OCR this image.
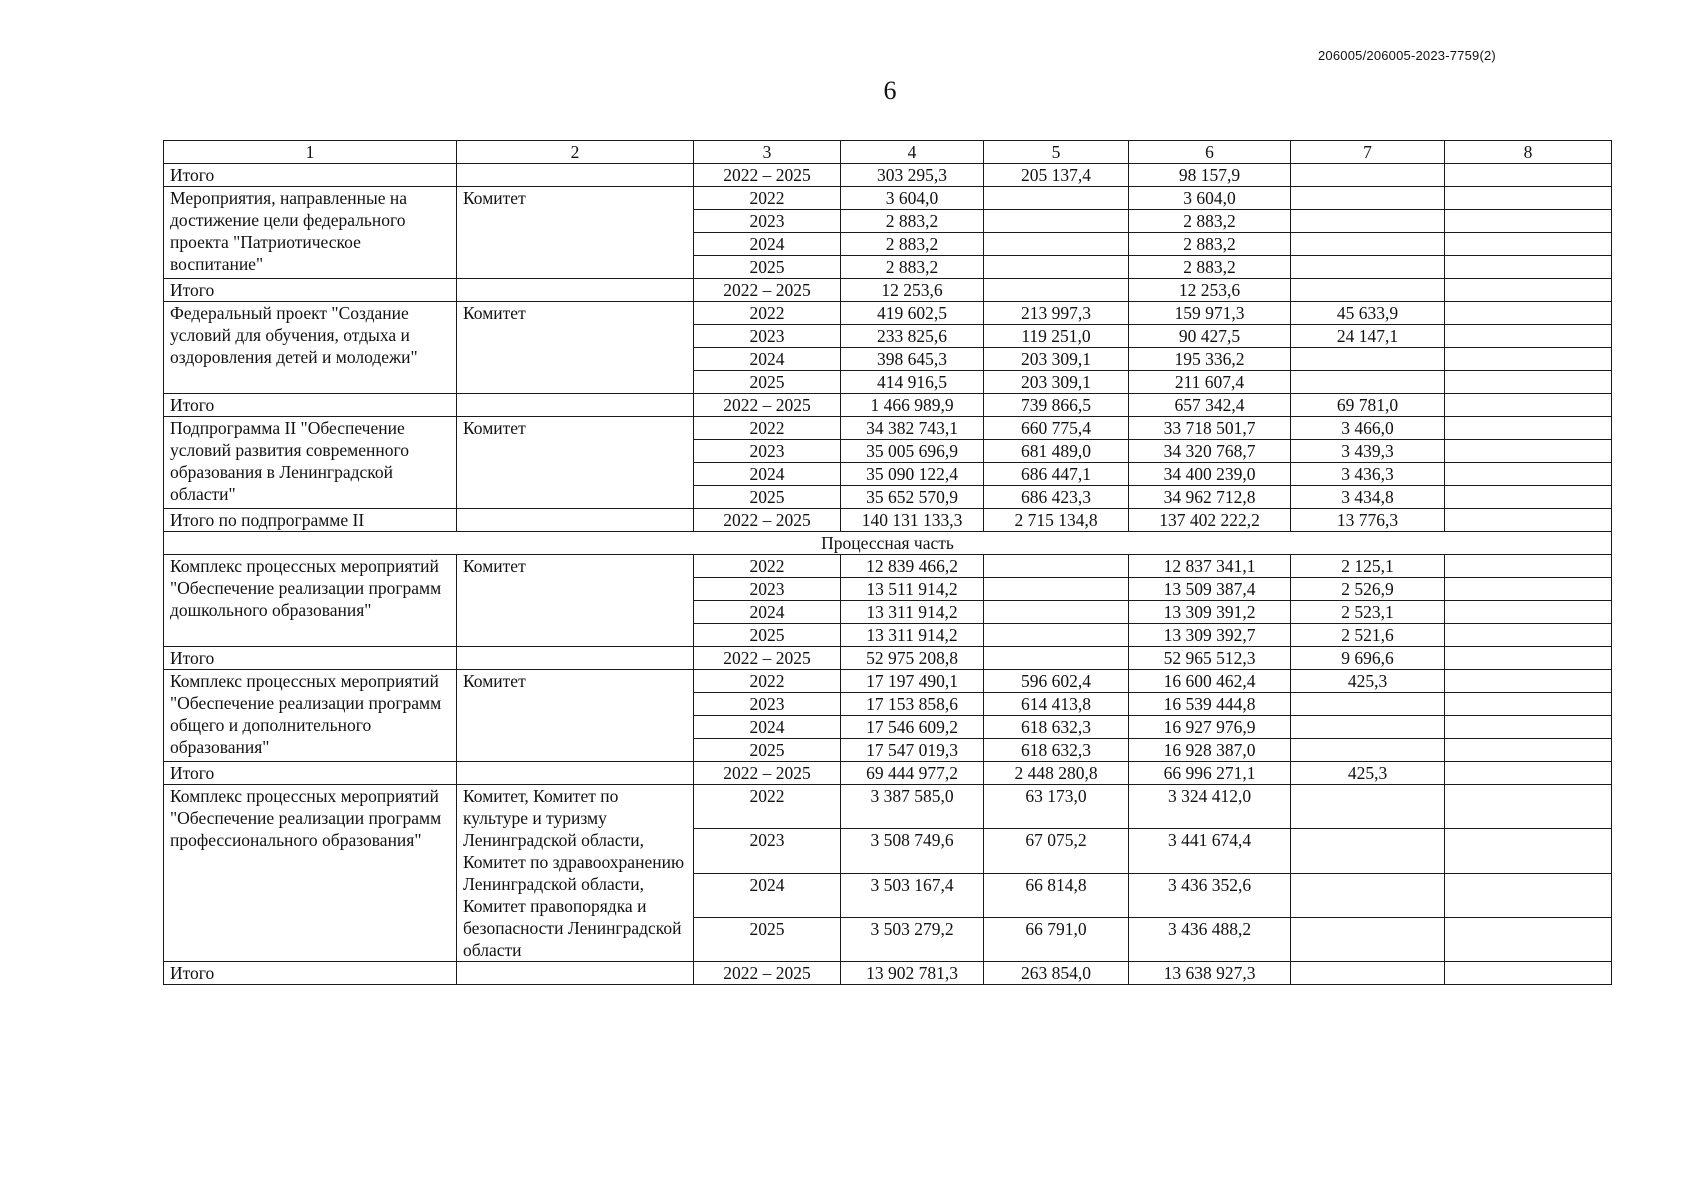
206005/206005-2023-7759(2)
6
1	2	3	4	5	6	7	8
Итого		2022 – 2025	303 295,3	205 137,4	98 157,9		
Мероприятия, направленные на достижение цели федерального проекта "Патриотическое воспитание"	Комитет	2022	3 604,0		3 604,0		
		2023	2 883,2		2 883,2		
		2024	2 883,2		2 883,2		
		2025	2 883,2		2 883,2		
Итого		2022 – 2025	12 253,6		12 253,6		
Федеральный проект "Создание условий для обучения, отдыха и оздоровления детей и молодежи"	Комитет	2022	419 602,5	213 997,3	159 971,3	45 633,9	
		2023	233 825,6	119 251,0	90 427,5	24 147,1	
		2024	398 645,3	203 309,1	195 336,2		
		2025	414 916,5	203 309,1	211 607,4		
Итого		2022 – 2025	1 466 989,9	739 866,5	657 342,4	69 781,0	
Подпрограмма II "Обеспечение условий развития современного образования в Ленинградской области"	Комитет	2022	34 382 743,1	660 775,4	33 718 501,7	3 466,0	
		2023	35 005 696,9	681 489,0	34 320 768,7	3 439,3	
		2024	35 090 122,4	686 447,1	34 400 239,0	3 436,3	
		2025	35 652 570,9	686 423,3	34 962 712,8	3 434,8	
Итого по подпрограмме II		2022 – 2025	140 131 133,3	2 715 134,8	137 402 222,2	13 776,3	
Процессная часть							
Комплекс процессных мероприятий "Обеспечение реализации программ дошкольного образования"	Комитет	2022	12 839 466,2		12 837 341,1	2 125,1	
		2023	13 511 914,2		13 509 387,4	2 526,9	
		2024	13 311 914,2		13 309 391,2	2 523,1	
		2025	13 311 914,2		13 309 392,7	2 521,6	
Итого		2022 – 2025	52 975 208,8		52 965 512,3	9 696,6	
Комплекс процессных мероприятий "Обеспечение реализации программ общего и дополнительного образования"	Комитет	2022	17 197 490,1	596 602,4	16 600 462,4	425,3	
		2023	17 153 858,6	614 413,8	16 539 444,8		
		2024	17 546 609,2	618 632,3	16 927 976,9		
		2025	17 547 019,3	618 632,3	16 928 387,0		
Итого		2022 – 2025	69 444 977,2	2 448 280,8	66 996 271,1	425,3	
Комплекс процессных мероприятий "Обеспечение реализации программ профессионального образования"	Комитет, Комитет по культуре и туризму Ленинградской области, Комитет по здравоохранению Ленинградской области, Комитет правопорядка и безопасности Ленинградской области	2022	3 387 585,0	63 173,0	3 324 412,0		
		2023	3 508 749,6	67 075,2	3 441 674,4		
		2024	3 503 167,4	66 814,8	3 436 352,6		
		2025	3 503 279,2	66 791,0	3 436 488,2		
Итого		2022 – 2025	13 902 781,3	263 854,0	13 638 927,3		
